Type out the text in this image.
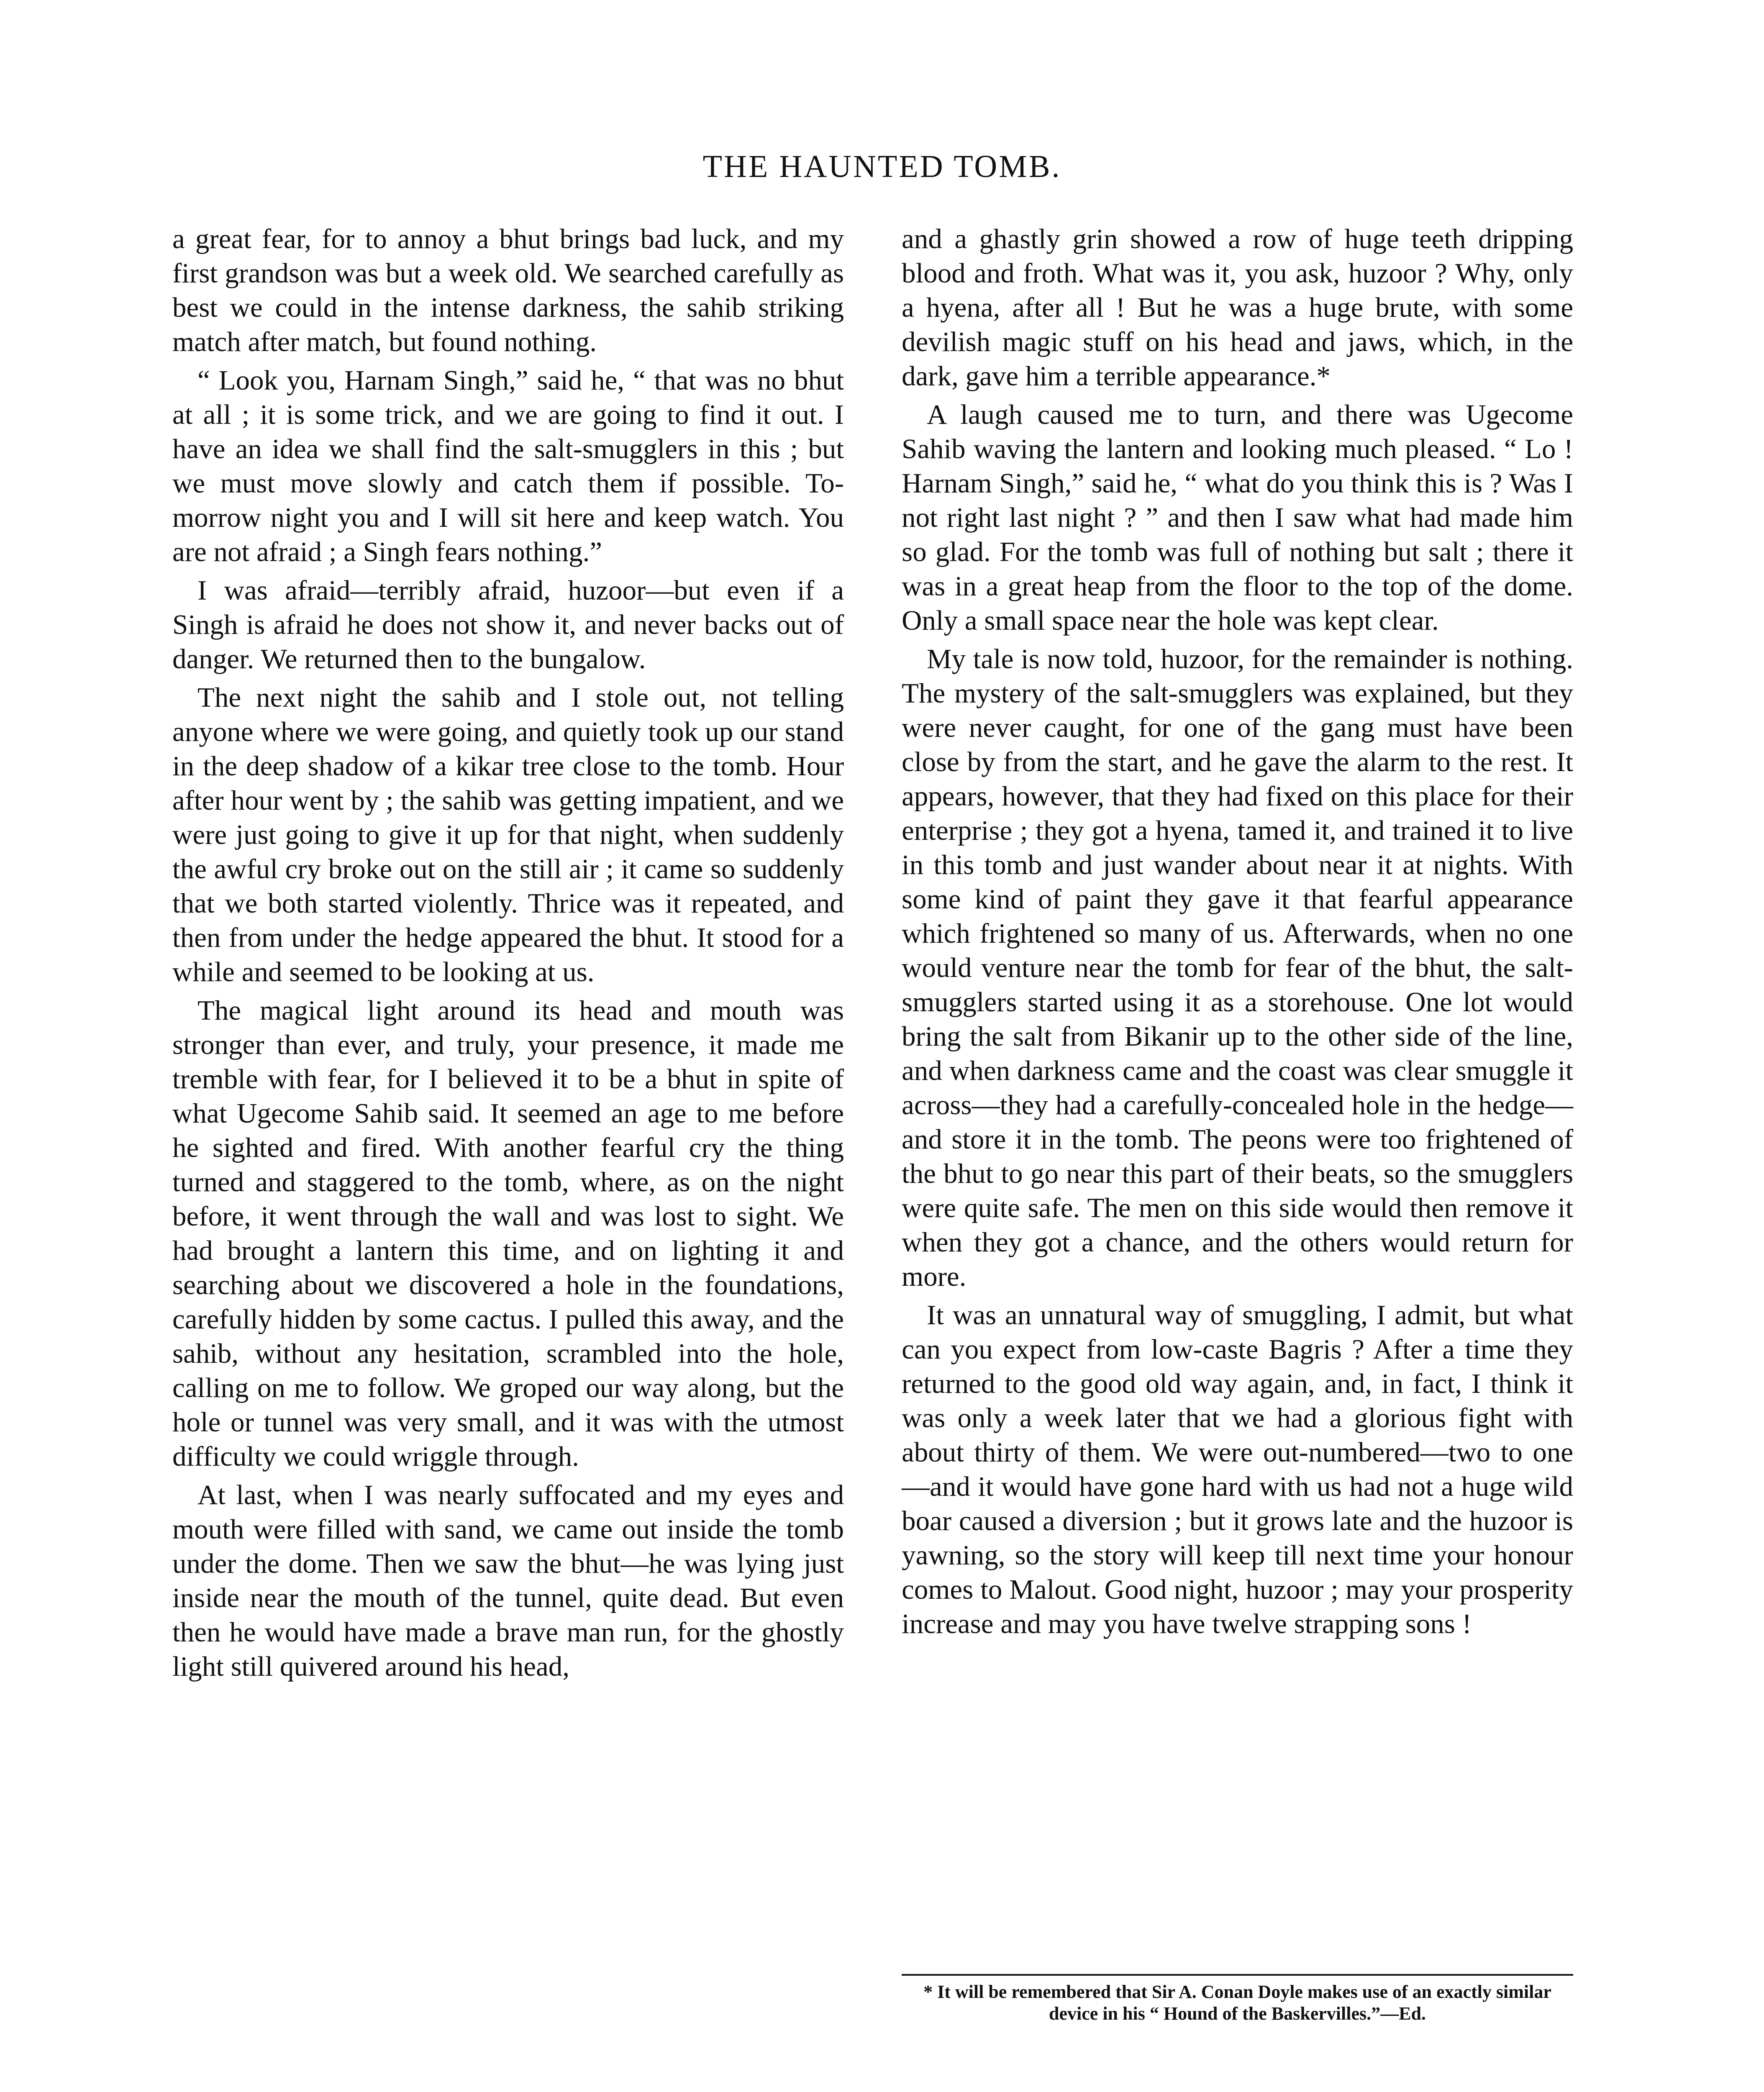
THE HAUNTED TOMB.

a great fear, for to annoy a bhut brings bad luck, and my first grandson was but a week old. We searched carefully as best we could in the intense darkness, the sahib striking match after match, but found nothing.

“ Look you, Harnam Singh,” said he, “ that was no bhut at all ; it is some trick, and we are going to find it out. I have an idea we shall find the salt-smugglers in this ; but we must move slowly and catch them if possible. To-morrow night you and I will sit here and keep watch. You are not afraid ; a Singh fears nothing.”

I was afraid—terribly afraid, huzoor—but even if a Singh is afraid he does not show it, and never backs out of danger. We returned then to the bungalow.

The next night the sahib and I stole out, not telling anyone where we were going, and quietly took up our stand in the deep shadow of a kikar tree close to the tomb. Hour after hour went by ; the sahib was getting impatient, and we were just going to give it up for that night, when suddenly the awful cry broke out on the still air ; it came so suddenly that we both started violently. Thrice was it repeated, and then from under the hedge appeared the bhut. It stood for a while and seemed to be looking at us.

The magical light around its head and mouth was stronger than ever, and truly, your presence, it made me tremble with fear, for I believed it to be a bhut in spite of what Ugecome Sahib said. It seemed an age to me before he sighted and fired. With another fearful cry the thing turned and staggered to the tomb, where, as on the night before, it went through the wall and was lost to sight. We had brought a lantern this time, and on lighting it and searching about we discovered a hole in the foundations, carefully hidden by some cactus. I pulled this away, and the sahib, without any hesitation, scrambled into the hole, calling on me to follow. We groped our way along, but the hole or tunnel was very small, and it was with the utmost difficulty we could wriggle through.

At last, when I was nearly suffocated and my eyes and mouth were filled with sand, we came out inside the tomb under the dome. Then we saw the bhut—he was lying just inside near the mouth of the tunnel, quite dead. But even then he would have made a brave man run, for the ghostly light still quivered around his head,

and a ghastly grin showed a row of huge teeth dripping blood and froth. What was it, you ask, huzoor ? Why, only a hyena, after all ! But he was a huge brute, with some devilish magic stuff on his head and jaws, which, in the dark, gave him a terrible appearance.*

A laugh caused me to turn, and there was Ugecome Sahib waving the lantern and looking much pleased. “ Lo ! Harnam Singh,” said he, “ what do you think this is ? Was I not right last night ? ” and then I saw what had made him so glad. For the tomb was full of nothing but salt ; there it was in a great heap from the floor to the top of the dome. Only a small space near the hole was kept clear.

My tale is now told, huzoor, for the remainder is nothing. The mystery of the salt-smugglers was explained, but they were never caught, for one of the gang must have been close by from the start, and he gave the alarm to the rest. It appears, however, that they had fixed on this place for their enterprise ; they got a hyena, tamed it, and trained it to live in this tomb and just wander about near it at nights. With some kind of paint they gave it that fearful appearance which frightened so many of us. Afterwards, when no one would venture near the tomb for fear of the bhut, the salt-smugglers started using it as a storehouse. One lot would bring the salt from Bikanir up to the other side of the line, and when darkness came and the coast was clear smuggle it across—they had a carefully-concealed hole in the hedge—and store it in the tomb. The peons were too frightened of the bhut to go near this part of their beats, so the smugglers were quite safe. The men on this side would then remove it when they got a chance, and the others would return for more.

It was an unnatural way of smuggling, I admit, but what can you expect from low-caste Bagris ? After a time they returned to the good old way again, and, in fact, I think it was only a week later that we had a glorious fight with about thirty of them. We were out-numbered—two to one—and it would have gone hard with us had not a huge wild boar caused a diversion ; but it grows late and the huzoor is yawning, so the story will keep till next time your honour comes to Malout. Good night, huzoor ; may your prosperity increase and may you have twelve strapping sons !

* It will be remembered that Sir A. Conan Doyle makes use of an exactly similar device in his “ Hound of the Baskervilles.”—Ed.
